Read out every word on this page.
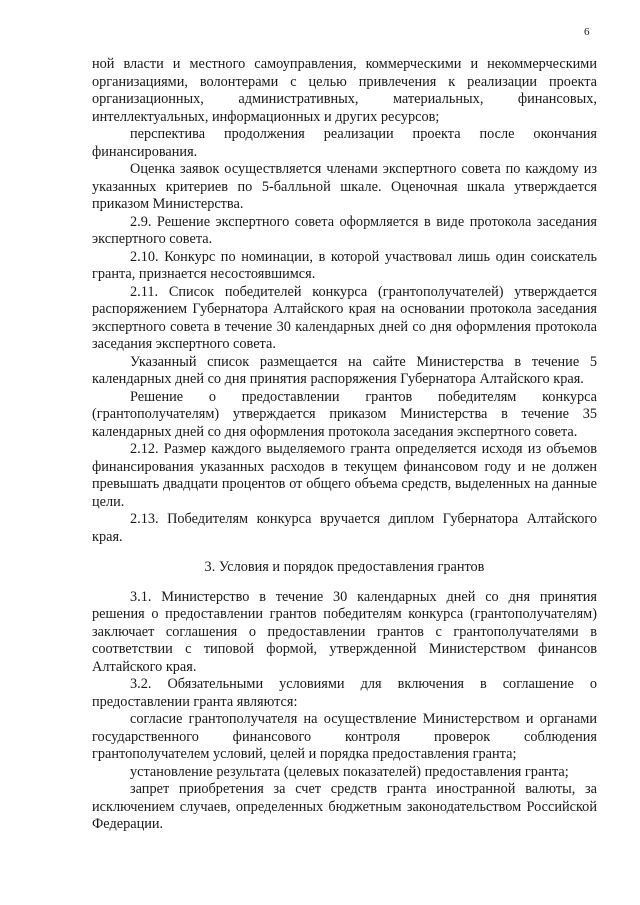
6

ной власти и местного самоуправления, коммерческими и некоммерческими организациями, волонтерами с целью привлечения к реализации проекта организационных, административных, материальных, финансовых, интеллектуальных, информационных и других ресурсов;

перспектива продолжения реализации проекта после окончания финансирования.

Оценка заявок осуществляется членами экспертного совета по каждому из указанных критериев по 5-балльной шкале. Оценочная шкала утверждается приказом Министерства.

2.9. Решение экспертного совета оформляется в виде протокола заседания экспертного совета.

2.10. Конкурс по номинации, в которой участвовал лишь один соискатель гранта, признается несостоявшимся.

2.11. Список победителей конкурса (грантополучателей) утверждается распоряжением Губернатора Алтайского края на основании протокола заседания экспертного совета в течение 30 календарных дней со дня оформления протокола заседания экспертного совета.

Указанный список размещается на сайте Министерства в течение 5 календарных дней со дня принятия распоряжения Губернатора Алтайского края.

Решение о предоставлении грантов победителям конкурса (грантополучателям) утверждается приказом Министерства в течение 35 календарных дней со дня оформления протокола заседания экспертного совета.

2.12. Размер каждого выделяемого гранта определяется исходя из объемов финансирования указанных расходов в текущем финансовом году и не должен превышать двадцати процентов от общего объема средств, выделенных на данные цели.

2.13. Победителям конкурса вручается диплом Губернатора Алтайского края.

3. Условия и порядок предоставления грантов

3.1. Министерство в течение 30 календарных дней со дня принятия решения о предоставлении грантов победителям конкурса (грантополучателям) заключает соглашения о предоставлении грантов с грантополучателями в соответствии с типовой формой, утвержденной Министерством финансов Алтайского края.

3.2. Обязательными условиями для включения в соглашение о предоставлении гранта являются:

согласие грантополучателя на осуществление Министерством и органами государственного финансового контроля проверок соблюдения грантополучателем условий, целей и порядка предоставления гранта;

установление результата (целевых показателей) предоставления гранта;

запрет приобретения за счет средств гранта иностранной валюты, за исключением случаев, определенных бюджетным законодательством Российской Федерации.
